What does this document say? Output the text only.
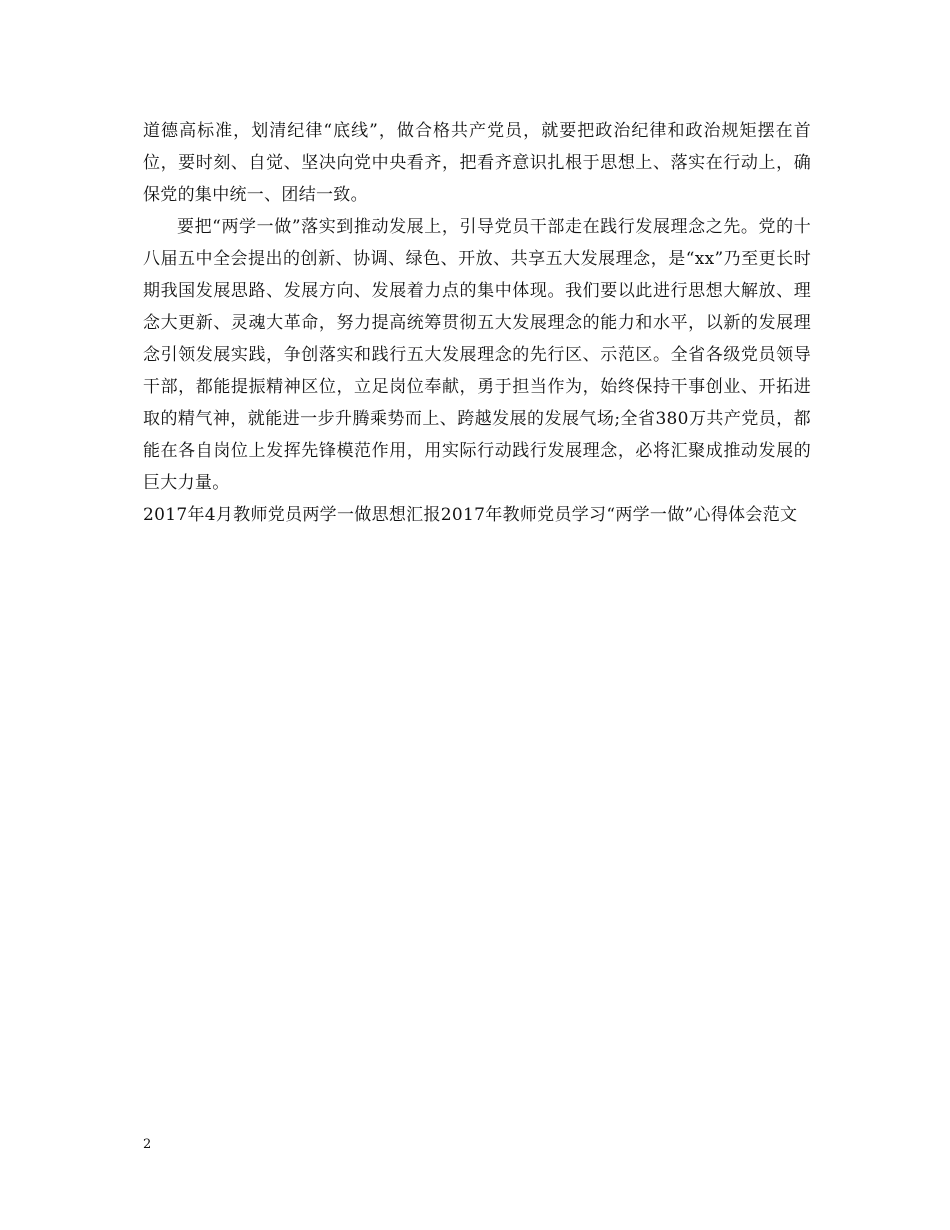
道德高标准，划清纪律“底线”，做合格共产党员，就要把政治纪律和政治规矩摆在首位，要时刻、自觉、坚决向党中央看齐，把看齐意识扎根于思想上、落实在行动上，确保党的集中统一、团结一致。

要把“两学一做”落实到推动发展上，引导党员干部走在践行发展理念之先。党的十八届五中全会提出的创新、协调、绿色、开放、共享五大发展理念，是“xx”乃至更长时期我国发展思路、发展方向、发展着力点的集中体现。我们要以此进行思想大解放、理念大更新、灵魂大革命，努力提高统筹贯彻五大发展理念的能力和水平，以新的发展理念引领发展实践，争创落实和践行五大发展理念的先行区、示范区。全省各级党员领导干部，都能提振精神区位，立足岗位奉献，勇于担当作为，始终保持干事创业、开拓进取的精气神，就能进一步升腾乘势而上、跨越发展的发展气场;全省380万共产党员，都能在各自岗位上发挥先锋模范作用，用实际行动践行发展理念，必将汇聚成推动发展的巨大力量。

2017年4月教师党员两学一做思想汇报2017年教师党员学习“两学一做”心得体会范文

2
